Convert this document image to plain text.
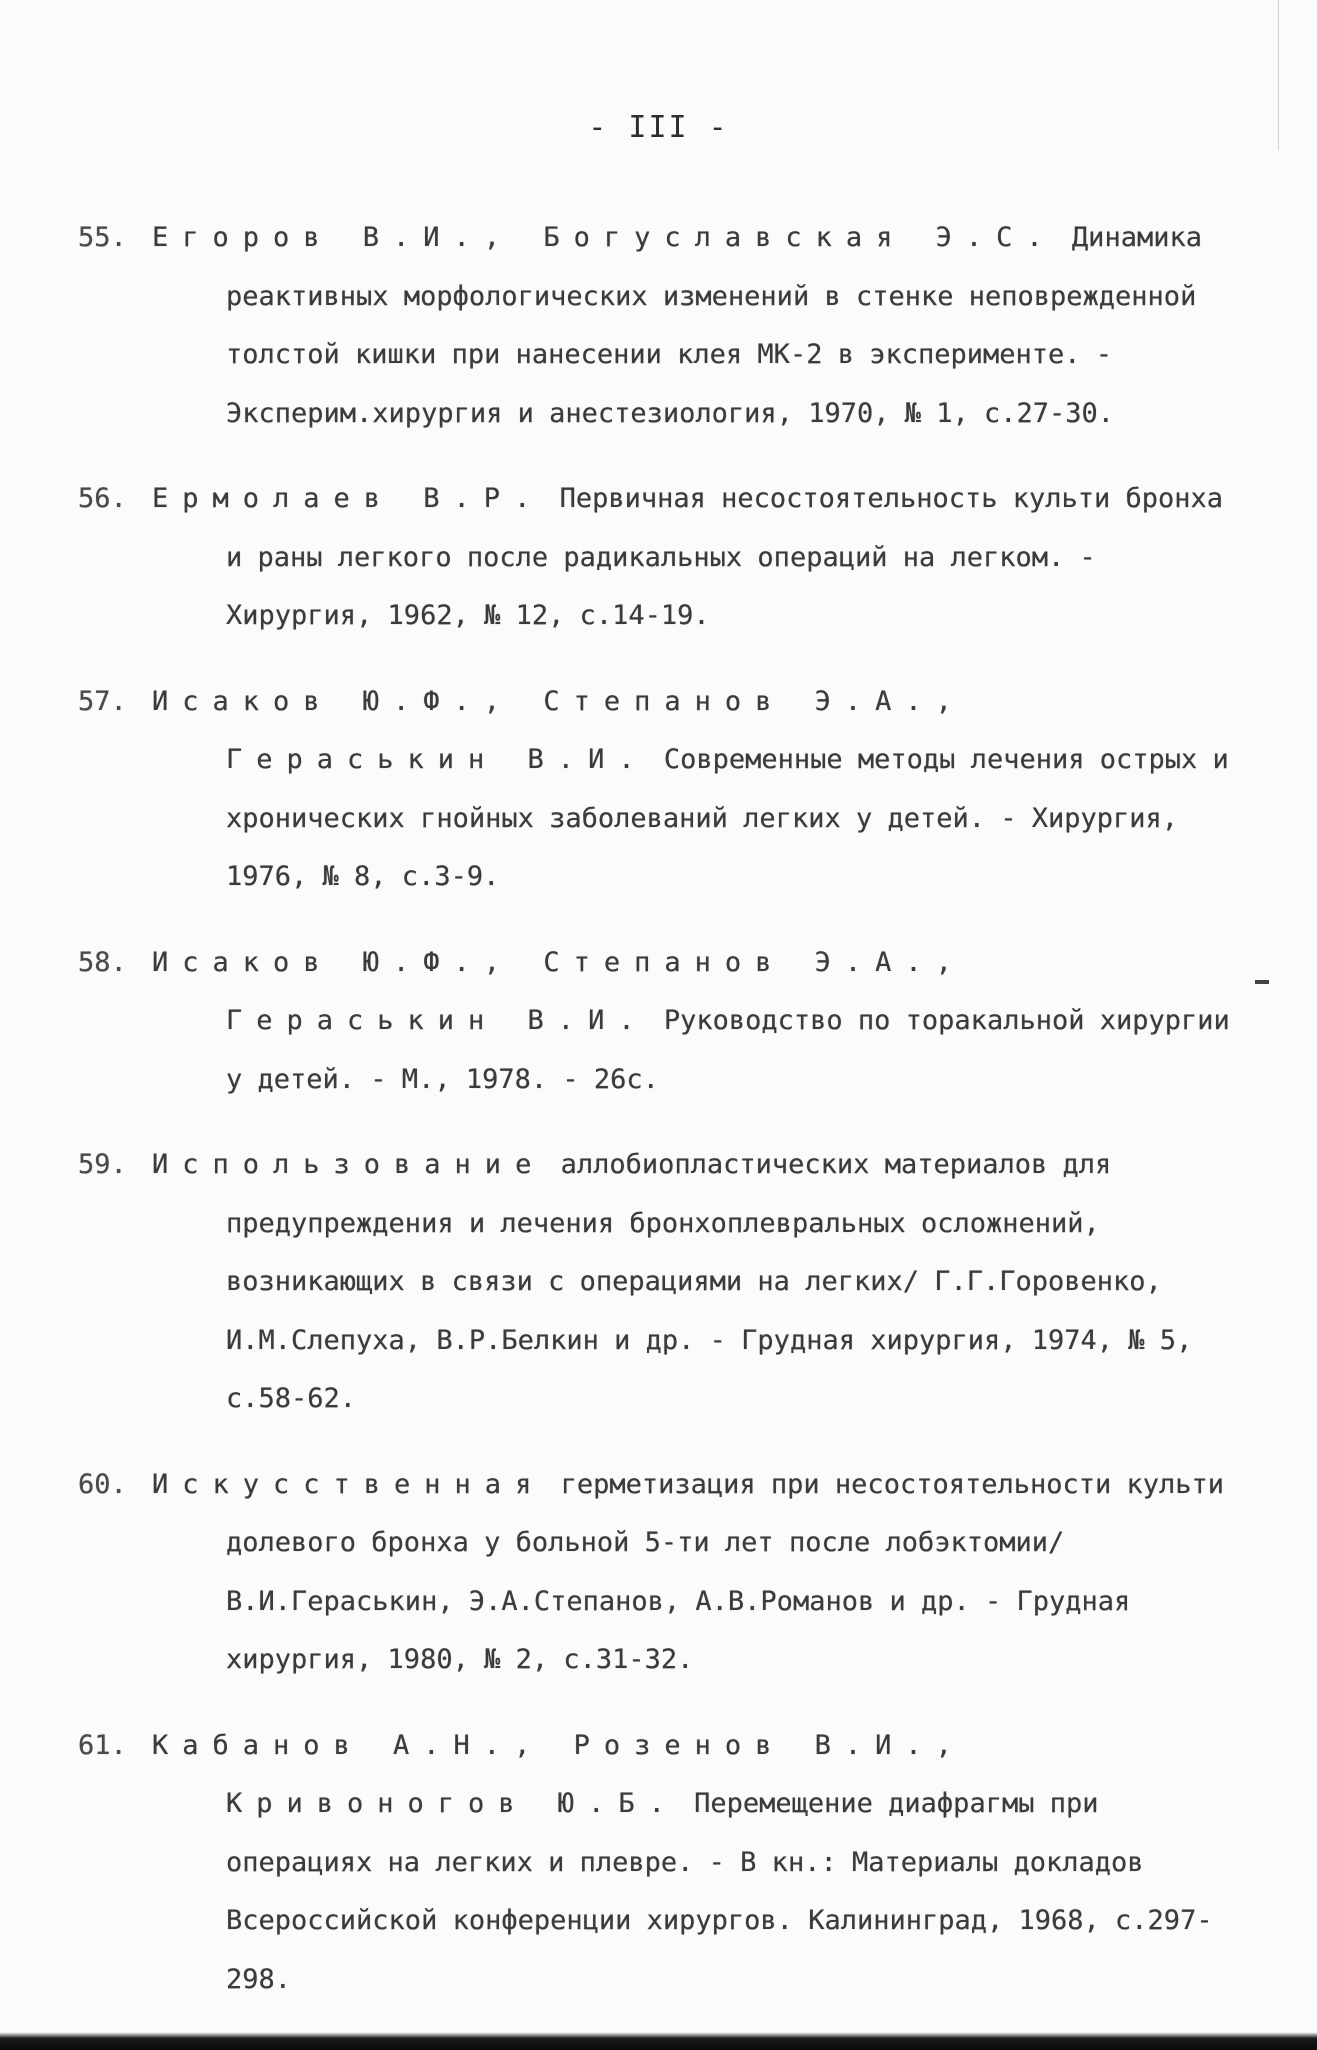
- III -

55. Егоров В.И., Богуславская Э.С. Динамика реактивных морфологических изменений в стенке неповрежденной толстой кишки при нанесении клея МК-2 в эксперименте. - Эксперим.хирургия и анестезиология, 1970, № 1, с.27-30.

56. Ермолаев В.Р. Первичная несостоятельность культи бронха и раны легкого после радикальных операций на легком. - Хирургия, 1962, № 12, с.14-19.

57. Исаков Ю.Ф., Степанов Э.А., Гераськин В.И. Современные методы лечения острых и хронических гнойных заболеваний легких у детей. - Хирургия, 1976, № 8, с.3-9.

58. Исаков Ю.Ф., Степанов Э.А., Гераськин В.И. Руководство по торакальной хирургии у детей. - М., 1978. - 26с.

59. Использование аллобиопластических материалов для предупреждения и лечения бронхоплевральных осложнений, возникающих в связи с операциями на легких/ Г.Г.Горовенко, И.М.Слепуха, В.Р.Белкин и др. - Грудная хирургия, 1974, № 5, с.58-62.

60. Искусственная герметизация при несостоятельности культи долевого бронха у больной 5-ти лет после лобэктомии/ В.И.Гераськин, Э.А.Степанов, А.В.Романов и др. - Грудная хирургия, 1980, № 2, с.31-32.

61. Кабанов А.Н., Розенов В.И., Кривоногов Ю.Б. Перемещение диафрагмы при операциях на легких и плевре. - В кн.: Материалы докладов Всероссийской конференции хирургов. Калининград, 1968, с.297-298.
